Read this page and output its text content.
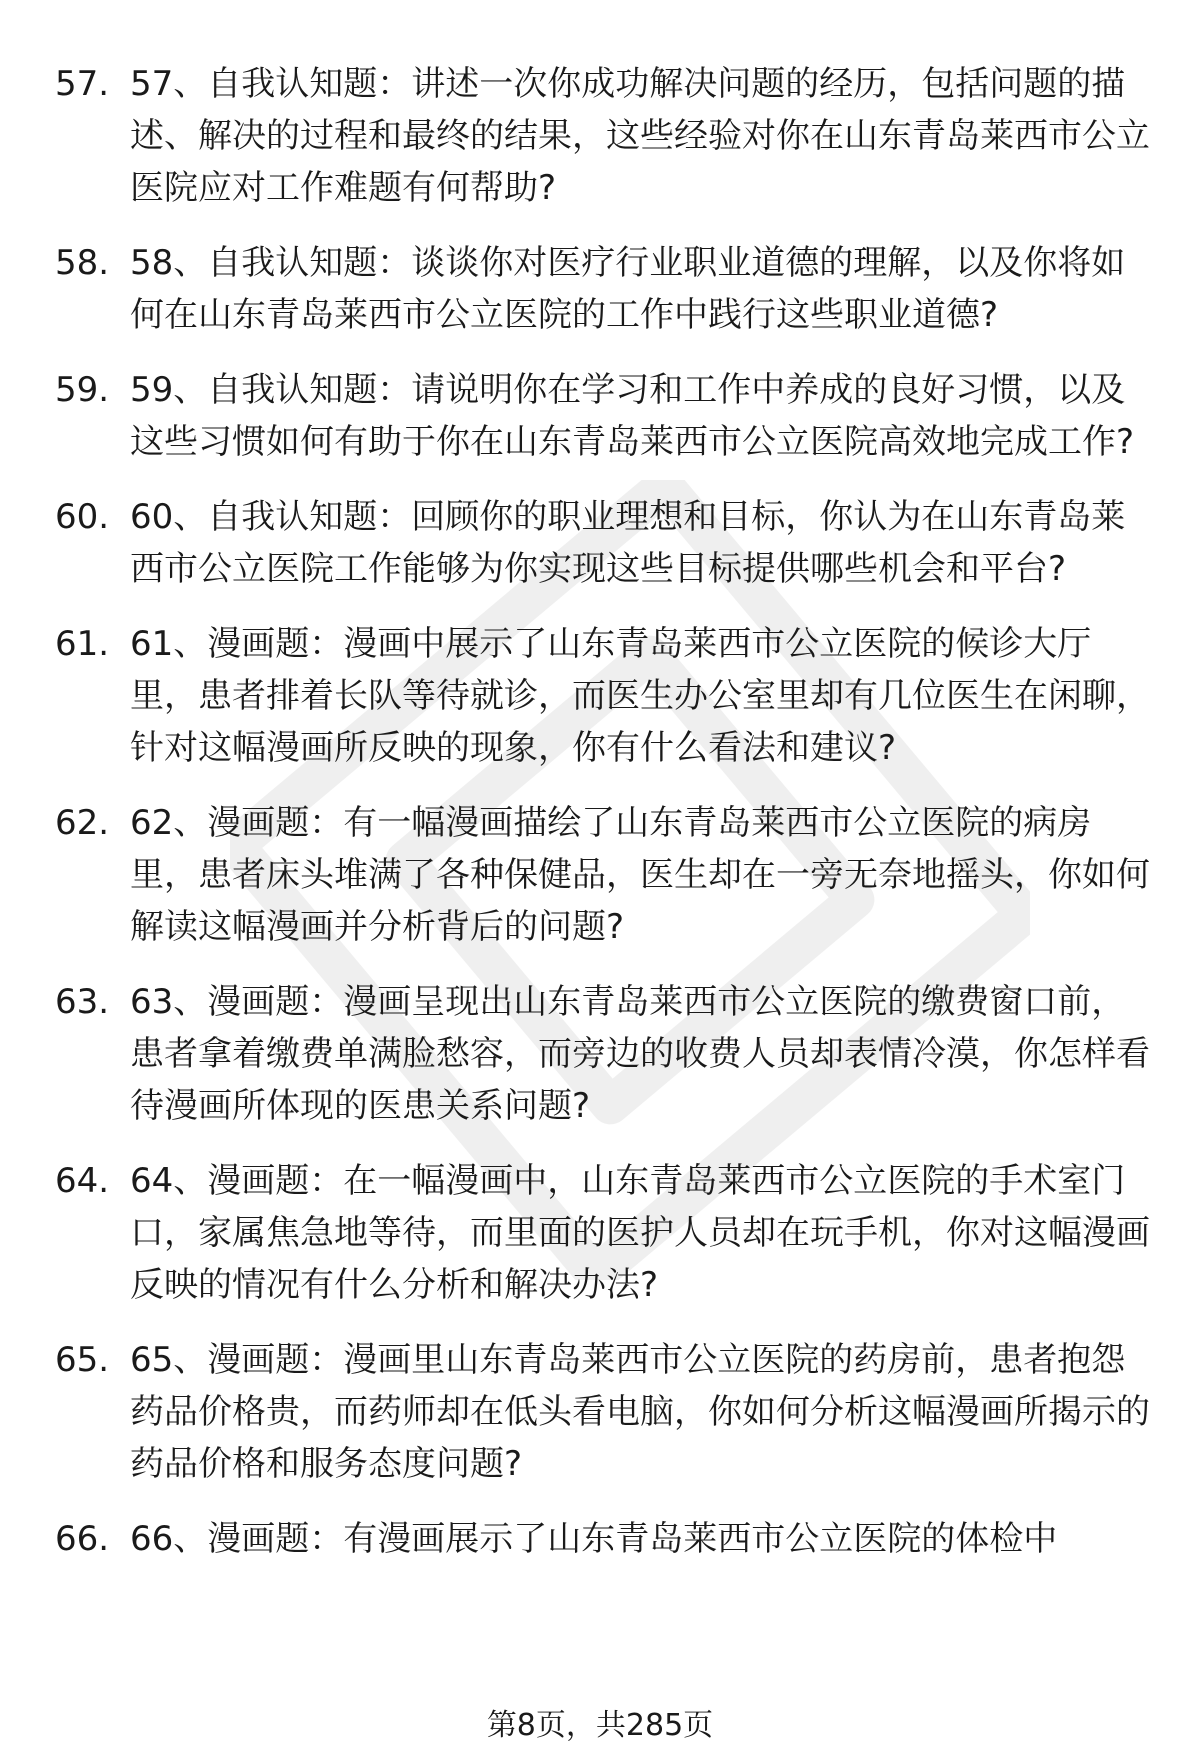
57. 57、自我认知题：讲述一次你成功解决问题的经历，包括问题的描述、解决的过程和最终的结果，这些经验对你在山东青岛莱西市公立医院应对工作难题有何帮助?
58. 58、自我认知题：谈谈你对医疗行业职业道德的理解，以及你将如何在山东青岛莱西市公立医院的工作中践行这些职业道德?
59. 59、自我认知题：请说明你在学习和工作中养成的良好习惯，以及这些习惯如何有助于你在山东青岛莱西市公立医院高效地完成工作?
60. 60、自我认知题：回顾你的职业理想和目标，你认为在山东青岛莱西市公立医院工作能够为你实现这些目标提供哪些机会和平台?
61. 61、漫画题：漫画中展示了山东青岛莱西市公立医院的候诊大厅里，患者排着长队等待就诊，而医生办公室里却有几位医生在闲聊，针对这幅漫画所反映的现象，你有什么看法和建议?
62. 62、漫画题：有一幅漫画描绘了山东青岛莱西市公立医院的病房里，患者床头堆满了各种保健品，医生却在一旁无奈地摇头，你如何解读这幅漫画并分析背后的问题?
63. 63、漫画题：漫画呈现出山东青岛莱西市公立医院的缴费窗口前，患者拿着缴费单满脸愁容，而旁边的收费人员却表情冷漠，你怎样看待漫画所体现的医患关系问题?
64. 64、漫画题：在一幅漫画中，山东青岛莱西市公立医院的手术室门口，家属焦急地等待，而里面的医护人员却在玩手机，你对这幅漫画反映的情况有什么分析和解决办法?
65. 65、漫画题：漫画里山东青岛莱西市公立医院的药房前，患者抱怨药品价格贵，而药师却在低头看电脑，你如何分析这幅漫画所揭示的药品价格和服务态度问题?
66. 66、漫画题：有漫画展示了山东青岛莱西市公立医院的体检中
第8页，共285页
